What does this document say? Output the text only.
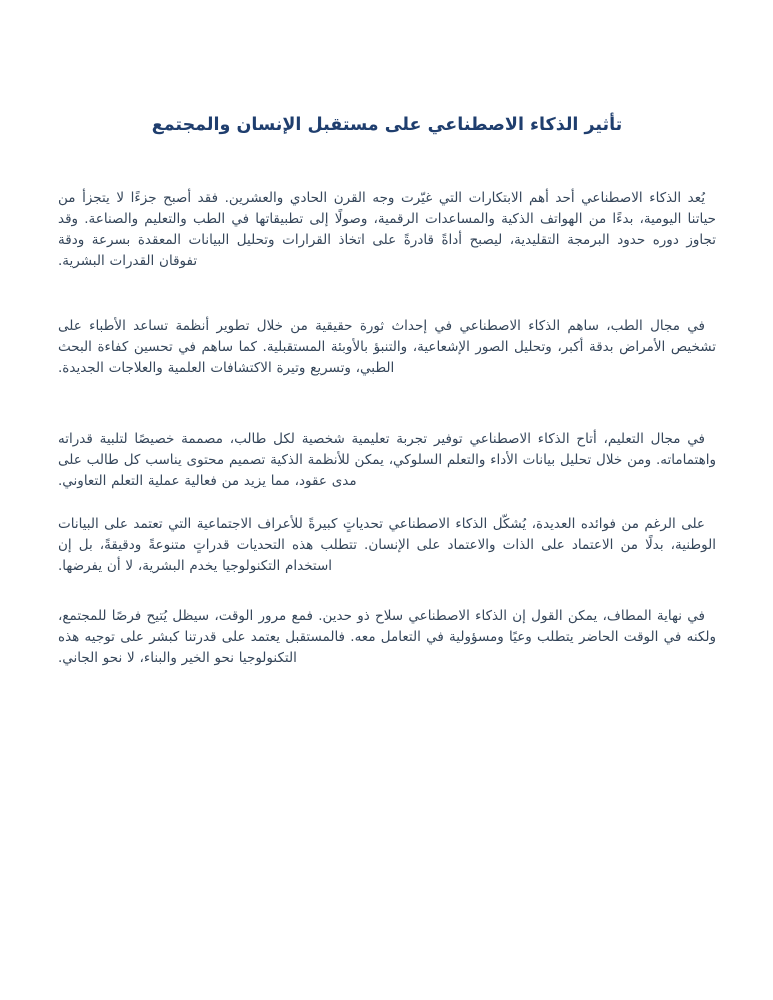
تأثير الذكاء الاصطناعي على مستقبل الإنسان والمجتمع

يُعد الذكاء الاصطناعي أحد أهم الابتكارات التي غيّرت وجه القرن الحادي والعشرين. فقد أصبح جزءًا لا يتجزأ من حياتنا اليومية، بدءًا من الهواتف الذكية والمساعدات الرقمية، وصولًا إلى تطبيقاتها في الطب والتعليم والصناعة. وقد تجاوز دوره حدود البرمجة التقليدية، ليصبح أداةً قادرةً على اتخاذ القرارات وتحليل البيانات المعقدة بسرعة ودقة تفوقان القدرات البشرية.

في مجال الطب، ساهم الذكاء الاصطناعي في إحداث ثورة حقيقية من خلال تطوير أنظمة تساعد الأطباء على تشخيص الأمراض بدقة أكبر، وتحليل الصور الإشعاعية، والتنبؤ بالأوبئة المستقبلية. كما ساهم في تحسين كفاءة البحث الطبي، وتسريع وتيرة الاكتشافات العلمية والعلاجات الجديدة.

في مجال التعليم، أتاح الذكاء الاصطناعي توفير تجربة تعليمية شخصية لكل طالب، مصممة خصيصًا لتلبية قدراته واهتماماته. ومن خلال تحليل بيانات الأداء والتعلم السلوكي، يمكن للأنظمة الذكية تصميم محتوى يناسب كل طالب على مدى عقود، مما يزيد من فعالية عملية التعلم التعاوني.

على الرغم من فوائده العديدة، يُشكّل الذكاء الاصطناعي تحدياتٍ كبيرةً للأعراف الاجتماعية التي تعتمد على البيانات الوطنية، بدلًا من الاعتماد على الذات والاعتماد على الإنسان. تتطلب هذه التحديات قدراتٍ متنوعةً ودقيقةً، بل إن استخدام التكنولوجيا يخدم البشرية، لا أن يفرضها.

في نهاية المطاف، يمكن القول إن الذكاء الاصطناعي سلاح ذو حدين. فمع مرور الوقت، سيظل يُتيح فرصًا للمجتمع، ولكنه في الوقت الحاضر يتطلب وعيًا ومسؤولية في التعامل معه. فالمستقبل يعتمد على قدرتنا كبشر على توجيه هذه التكنولوجيا نحو الخير والبناء، لا نحو الجاني.
